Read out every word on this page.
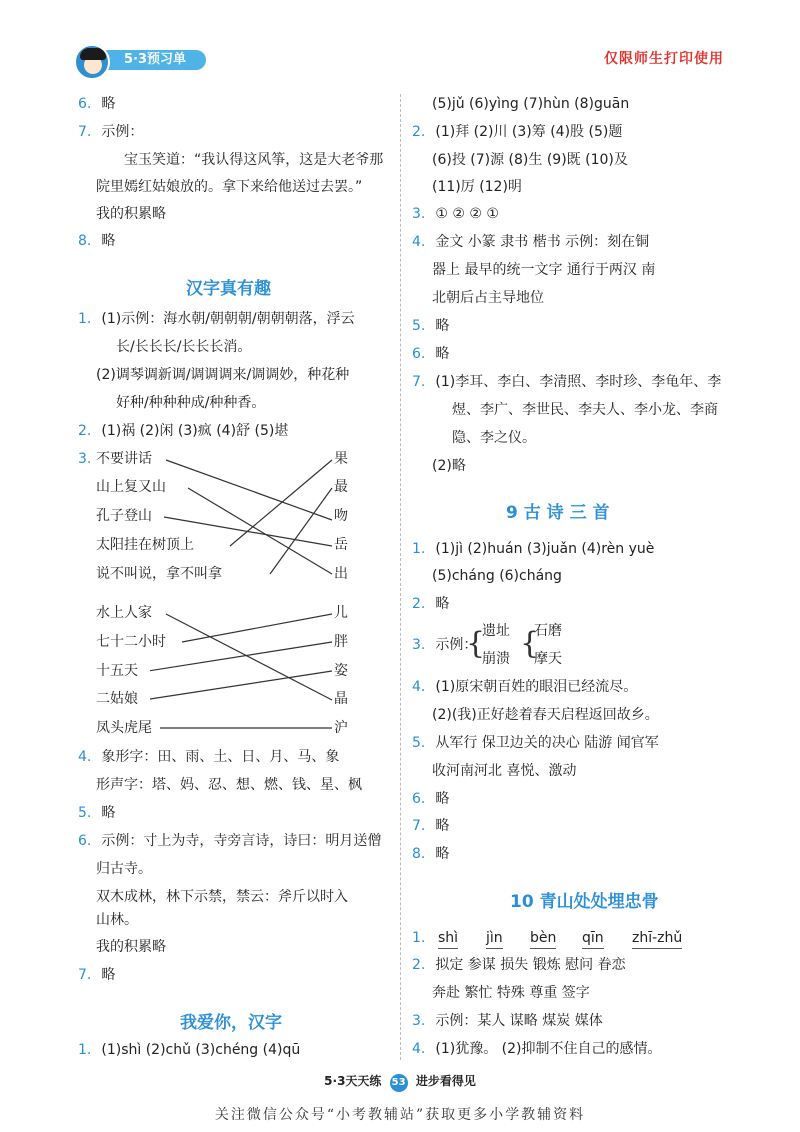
5·3预习单	仅限师生打印使用
6. 略
7. 示例：
宝玉笑道：“我认得这风筝，这是大老爷那
院里嫣红姑娘放的。拿下来给他送过去罢。”
我的积累略
8. 略
汉字真有趣
1. (1)示例：海水朝/朝朝朝/朝朝朝落，浮云
长/长长长/长长长消。
(2)调琴调新调/调调调来/调调妙，种花种
好种/种种种成/种种香。
2. (1)祸 (2)闲 (3)疯 (4)舒 (5)堪
3. 不要讲话
山上复又山
孔子登山
太阳挂在树顶上
说不叫说，拿不叫拿
果
最
吻
岳
出
水上人家
七十二小时
十五天
二姑娘
凤头虎尾
儿
胖
姿
晶
沪
4. 象形字：田、雨、土、日、月、马、象
形声字：塔、妈、忍、想、燃、钱、星、枫
5. 略
6. 示例：寸上为寺，寺旁言诗，诗曰：明月送僧
归古寺。
双木成林，林下示禁，禁云：斧斤以时入
山林。
我的积累略
7. 略
我爱你，汉字
1. (1)shì (2)chǔ (3)chéng (4)qū
(5)jǔ (6)yìng (7)hùn (8)guān
2. (1)拜 (2)川 (3)筹 (4)股 (5)题
(6)投 (7)源 (8)生 (9)既 (10)及
(11)厉 (12)明
3. ① ② ② ①
4. 金文 小篆 隶书 楷书 示例：刻在铜
器上 最早的统一文字 通行于两汉 南
北朝后占主导地位
5. 略
6. 略
7. (1)李耳、李白、李清照、李时珍、李龟年、李
煜、李广、李世民、李夫人、李小龙、李商
隐、李之仪。
(2)略
9 古 诗 三 首
1. (1)jì (2)huán (3)juǎn (4)rèn yuè
(5)cháng (6)cháng
2. 略
3. 示例：
{
遗址
崩溃 {
石磨
摩天
4. (1)原宋朝百姓的眼泪已经流尽。
(2)(我)正好趁着春天启程返回故乡。
5. 从军行 保卫边关的决心 陆游 闻官军
收河南河北 喜悦、激动
6. 略
7. 略
8. 略
10 青山处处埋忠骨
1. shì jìn bèn qīn zhī-zhǔ
2. 拟定 参谋 损失 锻炼 慰问 眷恋
奔赴 繁忙 特殊 尊重 签字
3. 示例：某人 谋略 煤炭 媒体
4. (1)犹豫。 (2)抑制不住自己的感情。
5·3天天练 53 进步看得见
关注微信公众号“小考教辅站”获取更多小学教辅资料
